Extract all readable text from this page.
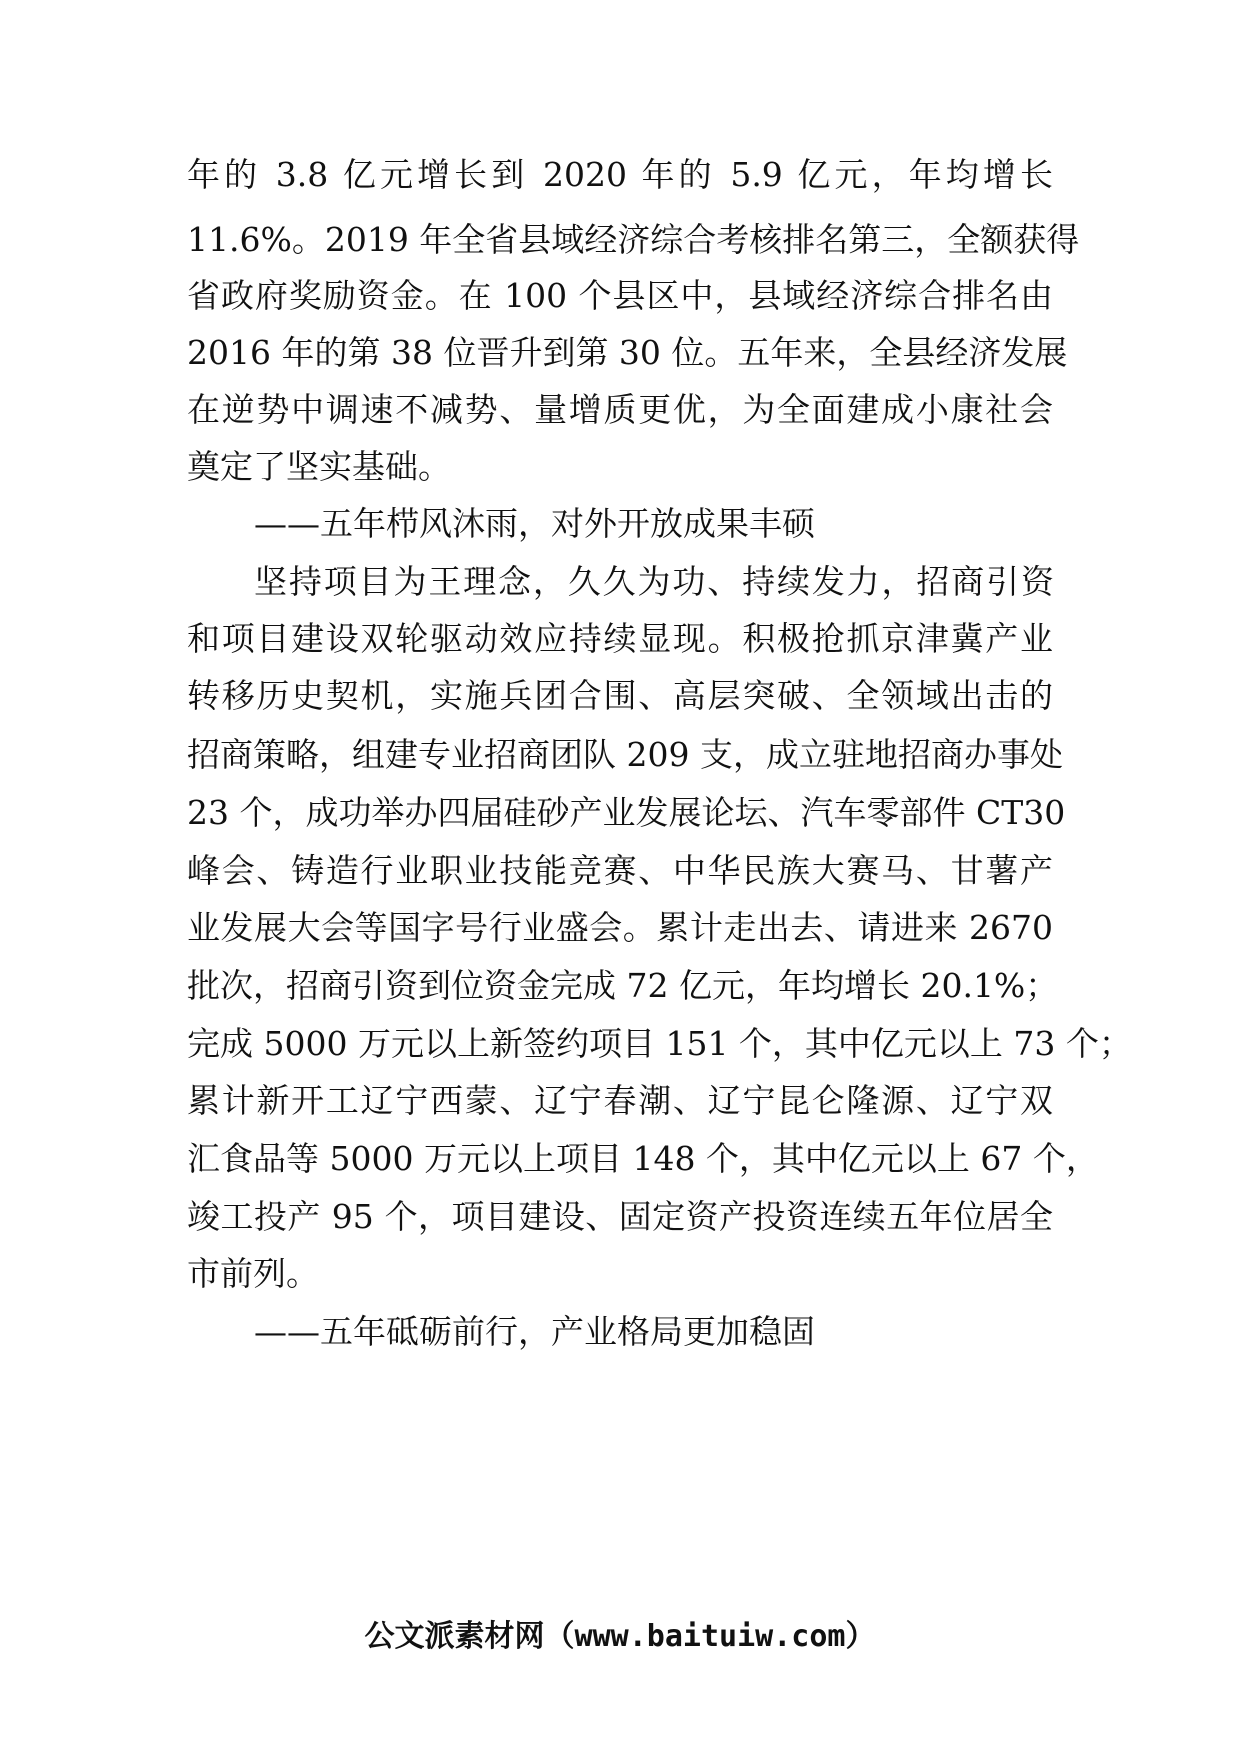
年的 3.8 亿元增长到 2020 年的 5.9 亿元，年均增长
11.6%。2019 年全省县域经济综合考核排名第三，全额获得
省政府奖励资金。在 100 个县区中，县域经济综合排名由
2016 年的第 38 位晋升到第 30 位。五年来，全县经济发展
在逆势中调速不减势、量增质更优，为全面建成小康社会
奠定了坚实基础。
——五年栉风沐雨，对外开放成果丰硕
坚持项目为王理念，久久为功、持续发力，招商引资
和项目建设双轮驱动效应持续显现。积极抢抓京津冀产业
转移历史契机，实施兵团合围、高层突破、全领域出击的
招商策略，组建专业招商团队 209 支，成立驻地招商办事处
23 个，成功举办四届硅砂产业发展论坛、汽车零部件 CT30
峰会、铸造行业职业技能竞赛、中华民族大赛马、甘薯产
业发展大会等国字号行业盛会。累计走出去、请进来 2670
批次，招商引资到位资金完成 72 亿元，年均增长 20.1%；
完成 5000 万元以上新签约项目 151 个，其中亿元以上 73 个；
累计新开工辽宁西蒙、辽宁春潮、辽宁昆仑隆源、辽宁双
汇食品等 5000 万元以上项目 148 个，其中亿元以上 67 个，
竣工投产 95 个，项目建设、固定资产投资连续五年位居全
市前列。
——五年砥砺前行，产业格局更加稳固
公文派素材网（www.baituiw.com）
